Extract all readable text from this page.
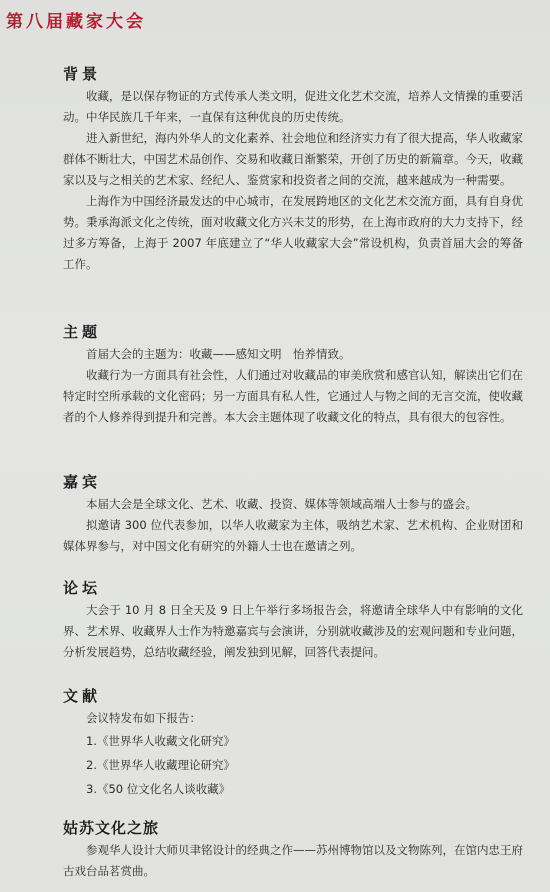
第八届藏家大会
背景

收藏，是以保存物证的方式传承人类文明，促进文化艺术交流，培养人文情操的重要活动。中华民族几千年来，一直保有这种优良的历史传统。

进入新世纪，海内外华人的文化素养、社会地位和经济实力有了很大提高，华人收藏家群体不断壮大，中国艺术品创作、交易和收藏日渐繁荣，开创了历史的新篇章。今天，收藏家以及与之相关的艺术家、经纪人、鉴赏家和投资者之间的交流，越来越成为一种需要。

上海作为中国经济最发达的中心城市，在发展跨地区的文化艺术交流方面，具有自身优势。秉承海派文化之传统，面对收藏文化方兴未艾的形势，在上海市政府的大力支持下，经过多方筹备，上海于 2007 年底建立了“华人收藏家大会”常设机构，负责首届大会的筹备工作。

主题

首届大会的主题为：收藏——感知文明　怡养情致。

收藏行为一方面具有社会性，人们通过对收藏品的审美欣赏和感官认知，解读出它们在特定时空所承载的文化密码；另一方面具有私人性，它通过人与物之间的无言交流，使收藏者的个人修养得到提升和完善。本大会主题体现了收藏文化的特点，具有很大的包容性。

嘉宾

本届大会是全球文化、艺术、收藏、投资、媒体等领域高端人士参与的盛会。

拟邀请 300 位代表参加，以华人收藏家为主体，吸纳艺术家、艺术机构、企业财团和媒体界参与，对中国文化有研究的外籍人士也在邀请之列。

论坛

大会于 10 月 8 日全天及 9 日上午举行多场报告会，将邀请全球华人中有影响的文化界、艺术界、收藏界人士作为特邀嘉宾与会演讲，分别就收藏涉及的宏观问题和专业问题，分析发展趋势，总结收藏经验，阐发独到见解，回答代表提问。

文献

会议特发布如下报告：

1.《世界华人收藏文化研究》

2.《世界华人收藏理论研究》

3.《50 位文化名人谈收藏》

姑苏文化之旅

参观华人设计大师贝聿铭设计的经典之作——苏州博物馆以及文物陈列，在馆内忠王府古戏台品茗赏曲。
